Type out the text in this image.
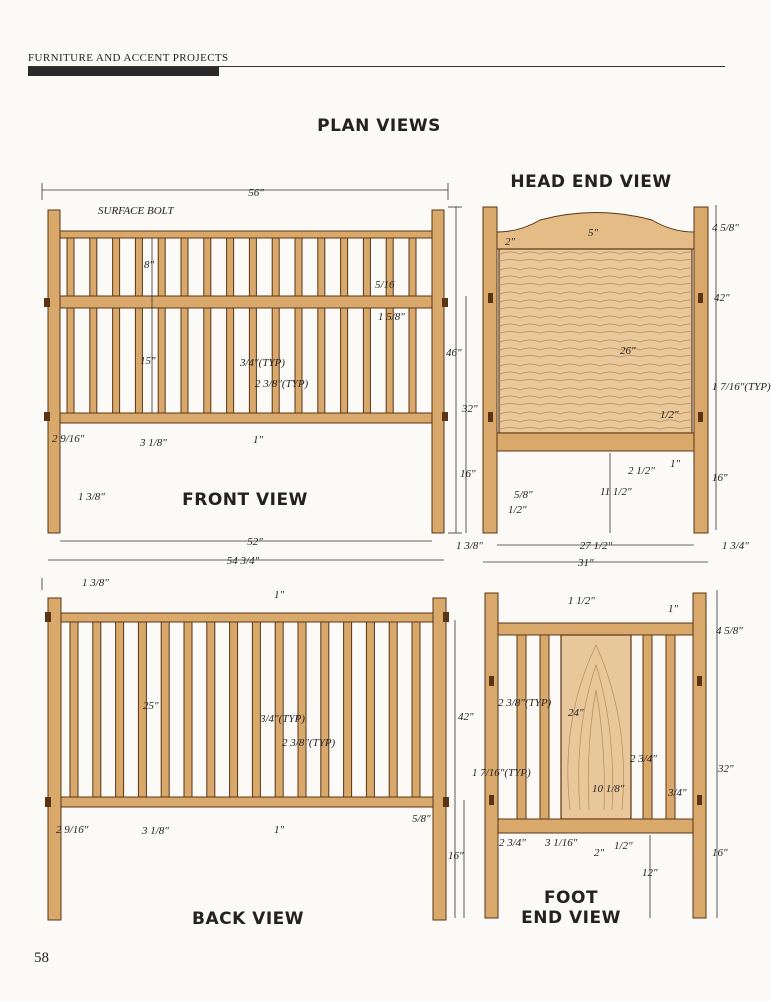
FURNITURE AND ACCENT PROJECTS
PLAN VIEWS
HEAD END VIEW
FRONT VIEW
BACK VIEW
FOOT
END VIEW
56"
SURFACE BOLT
8"
15"	3/4"(TYP)
2 3/8"(TYP)
5/16
1 5/8"
46"
32"
16"
2 9/16"	3 1/8"	1"
1 3/8"
52"
54 3/4"
1 3/8"
5"
2"
26"
4 5/8"
42"
1 7/16"(TYP)
1/2"
2 1/2"
1"
16"
11 1/2"
5/8"
1/2"
27 1/2"
31"
1 3/4"
1 3/8"
1"
25"
3/4"(TYP)
2 3/8"(TYP)
2 9/16"	3 1/8"	1"
5/8"
42"
16"
1 1/2"
1"
4 5/8"
2 3/8"(TYP)
24"
1 7/16"(TYP)
10 1/8"
2 3/4"
3/4"
32"
2 3/4" 3 1/16"
2"
1/2"
16"
12"
58
